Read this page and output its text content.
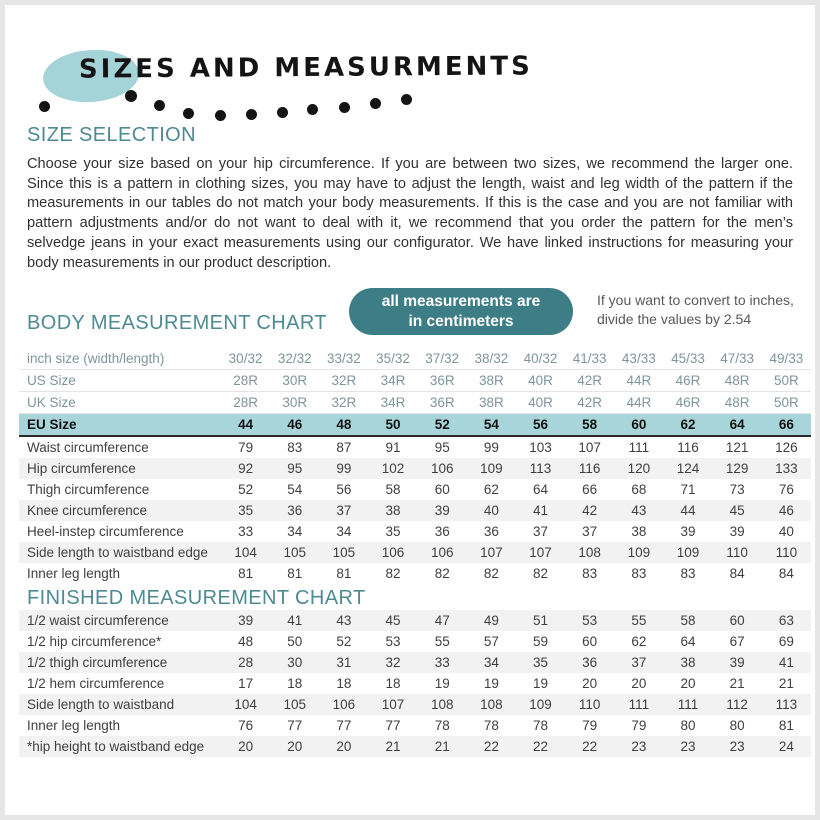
SIZES AND MEASURMENTS
SIZE SELECTION

Choose your size based on your hip circumference. If you are between two sizes, we recommend the larger one. Since this is a pattern in clothing sizes, you may have to adjust the length, waist and leg width of the pattern if the measurements in our tables do not match your body measurements. If this is the case and you are not familiar with pattern adjustments and/or do not want to deal with it, we recommend that you order the pattern for the men’s selvedge jeans in your exact measurements using our configurator. We have linked instructions for measuring your body measurements in our product description.

BODY MEASUREMENT CHART
all measurements are
in centimeters
If you want to convert to inches,
divide the values by 2.54
inch size (width/length)	30/32	32/32	33/32	35/32	37/32	38/32	40/32	41/33	43/33	45/33	47/33	49/33
US Size	28R	30R	32R	34R	36R	38R	40R	42R	44R	46R	48R	50R
UK Size	28R	30R	32R	34R	36R	38R	40R	42R	44R	46R	48R	50R
EU Size	44	46	48	50	52	54	56	58	60	62	64	66
Waist circumference	79	83	87	91	95	99	103	107	111	116	121	126
Hip circumference	92	95	99	102	106	109	113	116	120	124	129	133
Thigh circumference	52	54	56	58	60	62	64	66	68	71	73	76
Knee circumference	35	36	37	38	39	40	41	42	43	44	45	46
Heel-instep circumference	33	34	34	35	36	36	37	37	38	39	39	40
Side length to waistband edge	104	105	105	106	106	107	107	108	109	109	110	110
Inner leg length	81	81	81	82	82	82	82	83	83	83	84	84
FINISHED MEASUREMENT CHART
1/2 waist circumference	39	41	43	45	47	49	51	53	55	58	60	63
1/2 hip circumference*	48	50	52	53	55	57	59	60	62	64	67	69
1/2 thigh circumference	28	30	31	32	33	34	35	36	37	38	39	41
1/2 hem circumference	17	18	18	18	19	19	19	20	20	20	21	21
Side length to waistband	104	105	106	107	108	108	109	110	111	111	112	113
Inner leg length	76	77	77	77	78	78	78	79	79	80	80	81
*hip height to waistband edge	20	20	20	21	21	22	22	22	23	23	23	24
